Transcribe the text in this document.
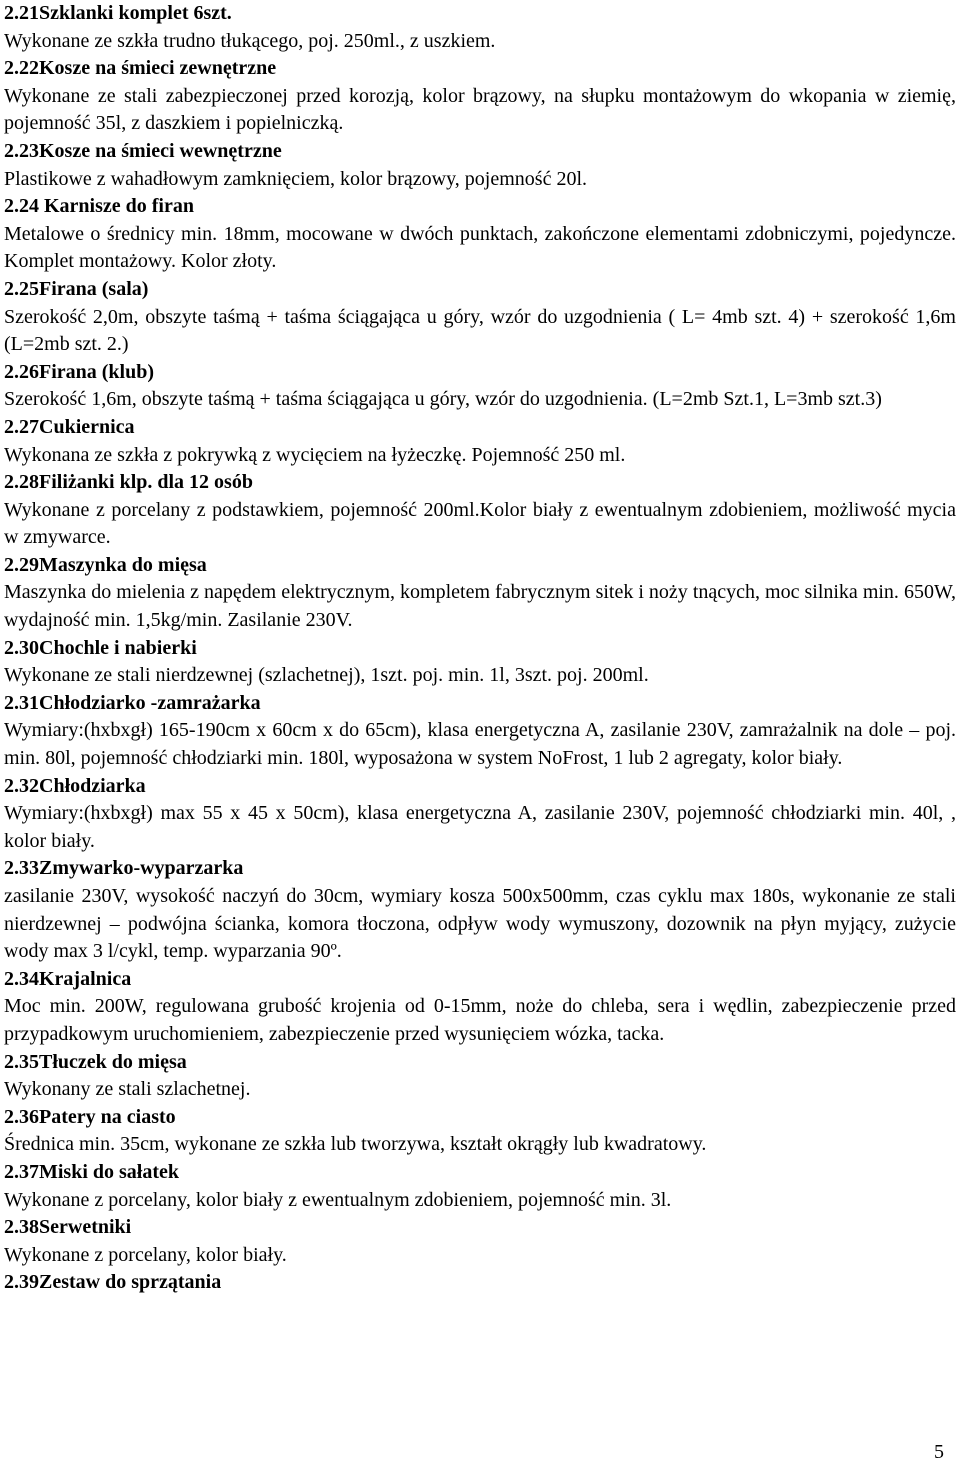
2.21Szklanki komplet 6szt.
Wykonane ze szkła trudno tłukącego, poj. 250ml., z uszkiem.
2.22Kosze na śmieci zewnętrzne
Wykonane ze stali zabezpieczonej przed korozją, kolor brązowy, na słupku montażowym do wkopania w ziemię, pojemność 35l, z daszkiem i popielniczką.
2.23Kosze na śmieci wewnętrzne
Plastikowe z wahadłowym zamknięciem, kolor brązowy, pojemność 20l.
2.24 Karnisze do firan
Metalowe o średnicy min. 18mm, mocowane w dwóch punktach, zakończone elementami zdobniczymi, pojedyncze. Komplet montażowy. Kolor złoty.
2.25Firana (sala)
Szerokość 2,0m, obszyte taśmą + taśma ściągająca u góry, wzór do uzgodnienia ( L= 4mb szt. 4) + szerokość 1,6m (L=2mb szt. 2.)
2.26Firana (klub)
Szerokość 1,6m, obszyte taśmą + taśma ściągająca u góry, wzór do uzgodnienia. (L=2mb Szt.1, L=3mb szt.3)
2.27Cukiernica
Wykonana ze szkła z pokrywką z wycięciem na łyżeczkę. Pojemność 250 ml.
2.28Filiżanki klp. dla 12 osób
Wykonane z porcelany z podstawkiem, pojemność 200ml.Kolor biały z ewentualnym zdobieniem, możliwość mycia w zmywarce.
2.29Maszynka do mięsa
Maszynka do mielenia z napędem elektrycznym, kompletem fabrycznym sitek i noży tnących, moc silnika min. 650W, wydajność min. 1,5kg/min. Zasilanie 230V.
2.30Chochle i nabierki
Wykonane ze stali nierdzewnej (szlachetnej), 1szt. poj. min. 1l, 3szt. poj. 200ml.
2.31Chłodziarko -zamrażarka
Wymiary:(hxbxgł) 165-190cm x 60cm x do 65cm), klasa energetyczna A, zasilanie 230V, zamrażalnik na dole – poj. min. 80l, pojemność chłodziarki min. 180l, wyposażona w system NoFrost, 1 lub 2 agregaty, kolor biały.
2.32Chłodziarka
Wymiary:(hxbxgł) max 55 x 45 x 50cm), klasa energetyczna A, zasilanie 230V, pojemność chłodziarki min. 40l, , kolor biały.
2.33Zmywarko-wyparzarka
zasilanie 230V, wysokość naczyń do 30cm, wymiary kosza 500x500mm, czas cyklu max 180s, wykonanie ze stali nierdzewnej – podwójna ścianka, komora tłoczona, odpływ wody wymuszony, dozownik na płyn myjący, zużycie wody max 3 l/cykl, temp. wyparzania 90º.
2.34Krajalnica
Moc min. 200W, regulowana grubość krojenia od 0-15mm, noże do chleba, sera i wędlin, zabezpieczenie przed przypadkowym uruchomieniem, zabezpieczenie przed wysunięciem wózka, tacka.
2.35Tłuczek do mięsa
Wykonany ze stali szlachetnej.
2.36Patery na ciasto
Średnica min. 35cm, wykonane ze szkła lub tworzywa, kształt okrągły lub kwadratowy.
2.37Miski do sałatek
Wykonane z porcelany, kolor biały z ewentualnym zdobieniem, pojemność min. 3l.
2.38Serwetniki
Wykonane z porcelany, kolor biały.
2.39Zestaw do sprzątania
5
